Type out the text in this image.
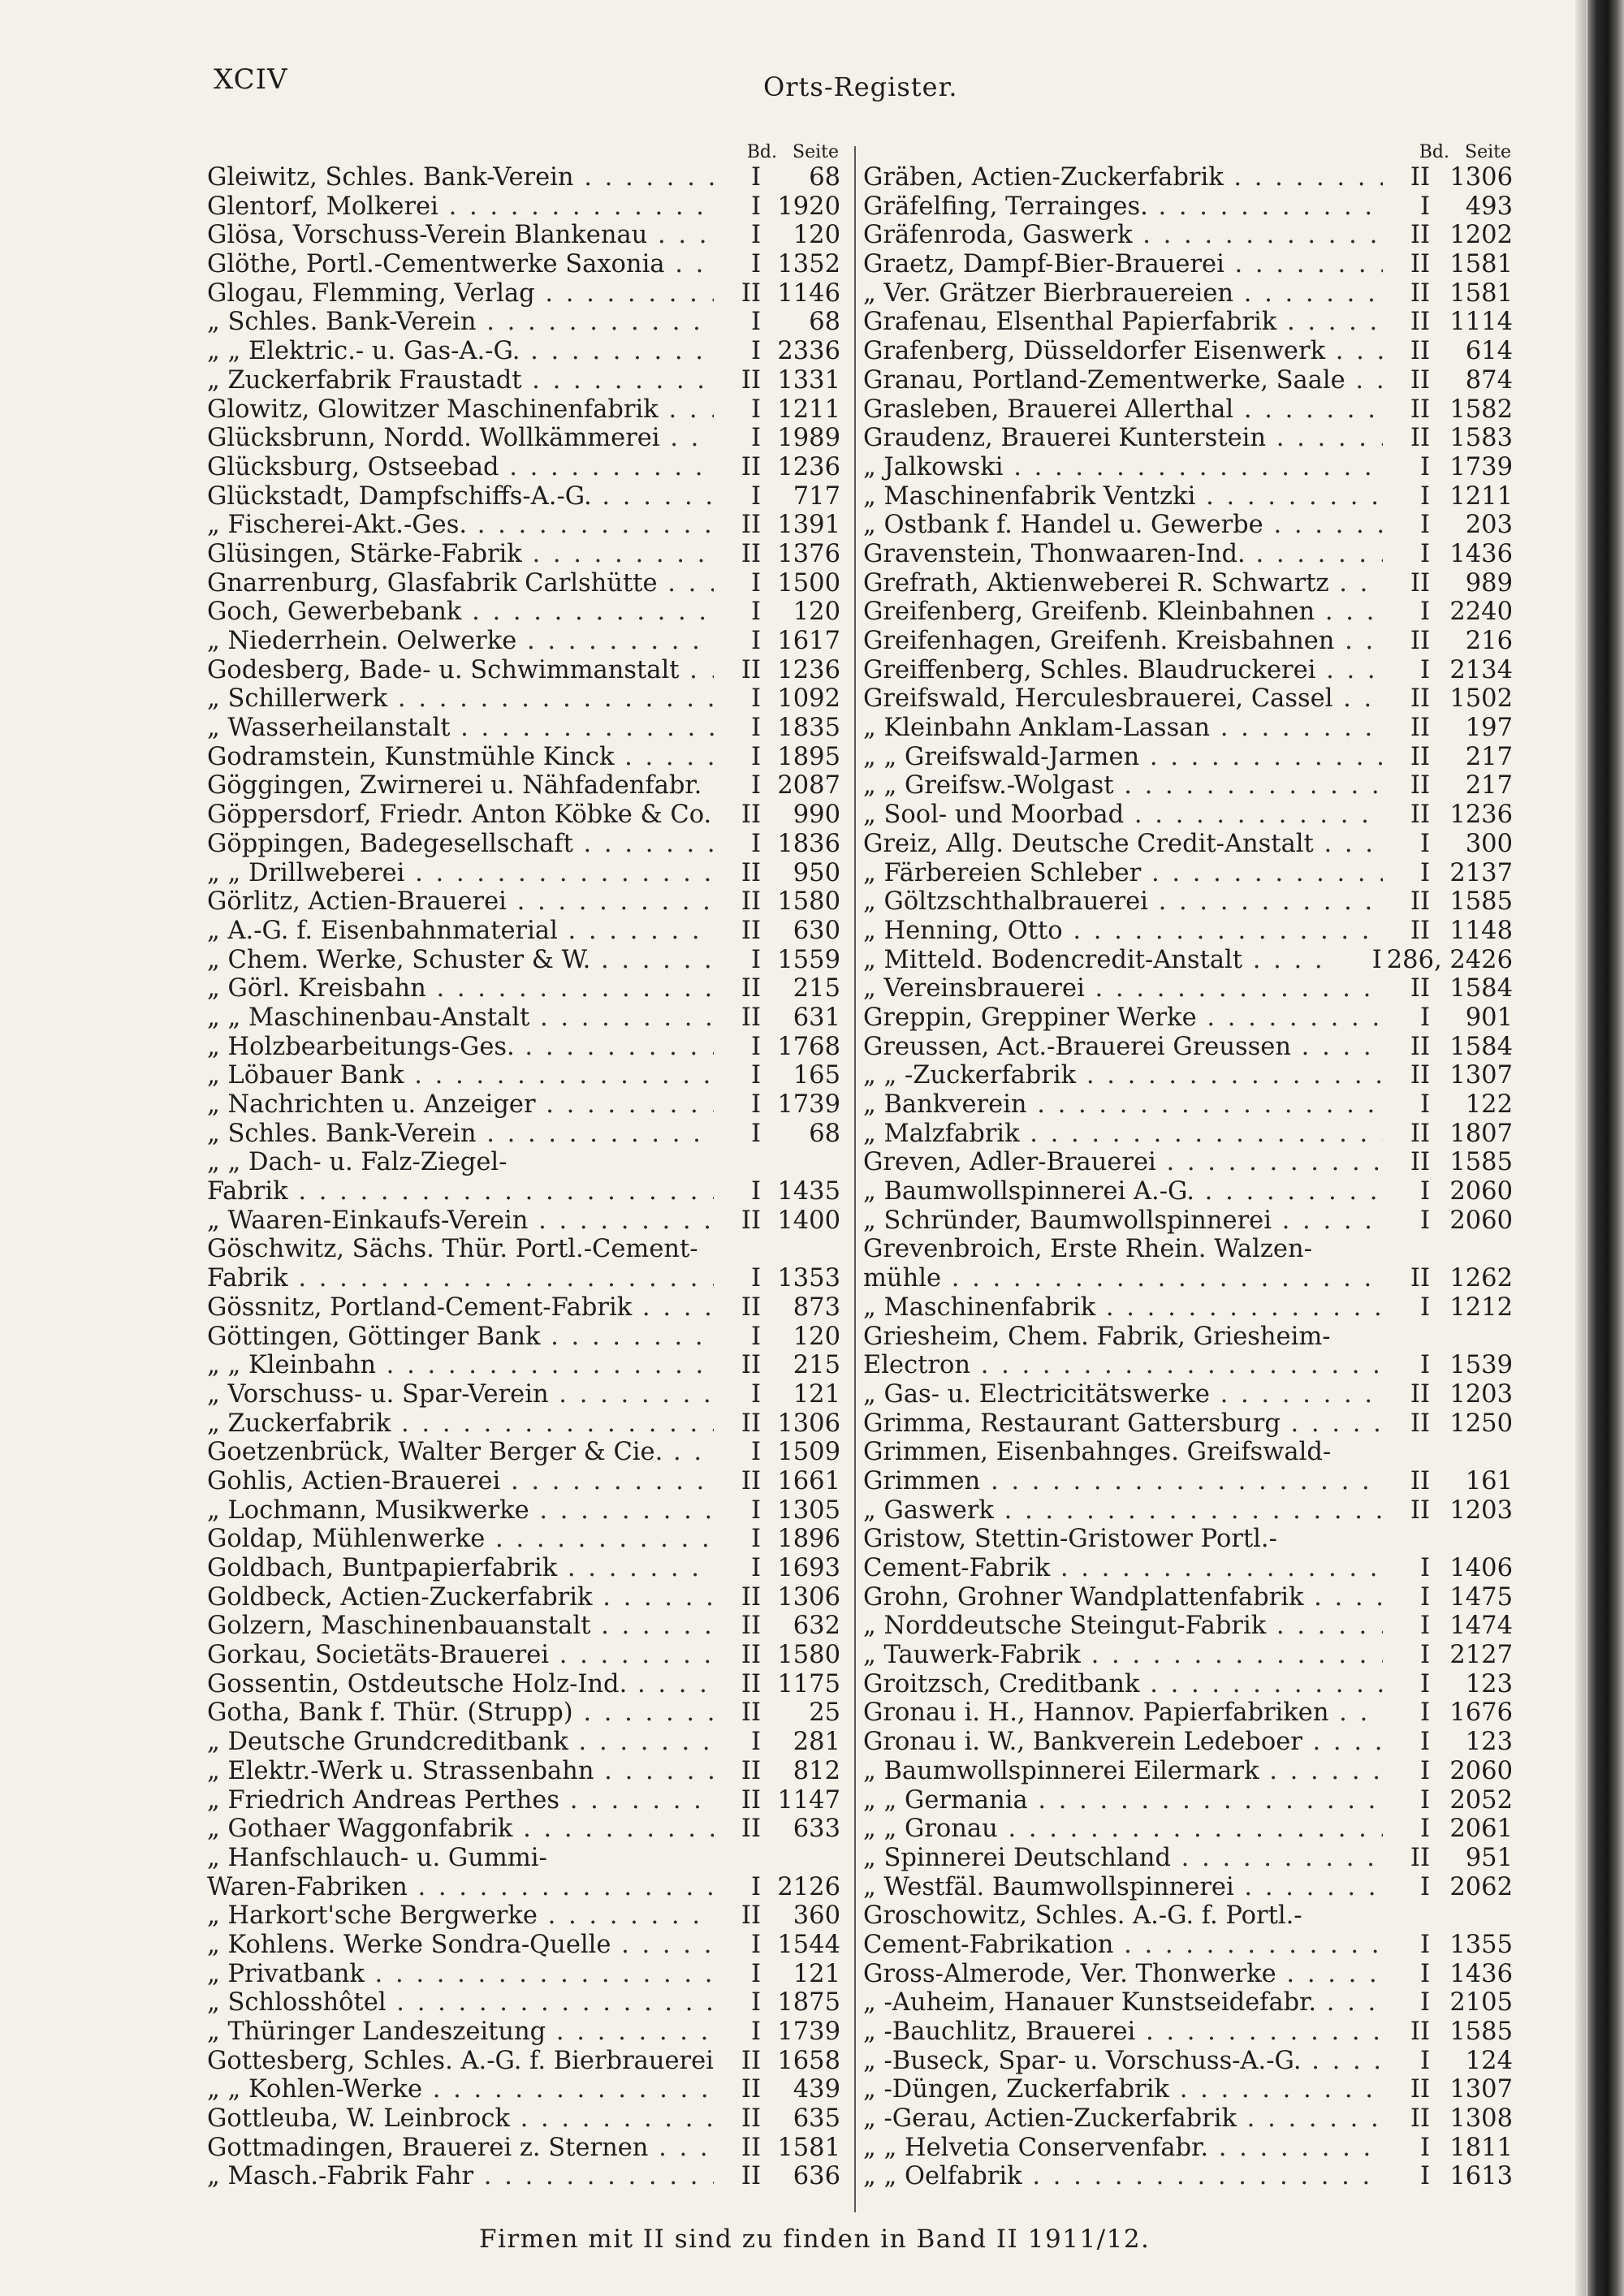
XCIV	Orts-Register.
Bd. Seite
Gleiwitz, Schles. Bank-Verein . . .	I	68
Glentorf, Molkerei . . .	I 1920
Glösa, Vorschuss-Verein Blankenau . . .	I	120
Glöthe, Portl.-Cementwerke Saxonia . . .	I 1352
Glogau, Flemming, Verlag . . .	II 1146
„ Schles. Bank-Verein . . .	I	68
„ „ Elektric.- u. Gas-A.-G. . . .	I 2336
„ Zuckerfabrik Fraustadt . . .	II 1331
Glowitz, Glowitzer Maschinenfabrik . . .	I 1211
Glücksbrunn, Nordd. Wollkämmerei . . .	I 1989
Glücksburg, Ostseebad . . .	II 1236
Glückstadt, Dampfschiffs-A.-G. . . .	I	717
„ Fischerei-Akt.-Ges. . . .	II 1391
Glüsingen, Stärke-Fabrik . . .	II 1376
Gnarrenburg, Glasfabrik Carlshütte . . .	I 1500
Goch, Gewerbebank . . .	I	120
„ Niederrhein. Oelwerke . . .	I 1617
Godesberg, Bade- u. Schwimmanstalt . . .	II 1236
„ Schillerwerk . . .	I 1092
„ Wasserheilanstalt . . .	I 1835
Godramstein, Kunstmühle Kinck . . .	I 1895
Göggingen, Zwirnerei u. Nähfadenfabr. . . .	I 2087
Göppersdorf, Friedr. Anton Köbke & Co. . . .	II	990
Göppingen, Badegesellschaft . . .	I 1836
„ „ Drillweberei . . .	II	950
Görlitz, Actien-Brauerei . . .	II 1580
„ A.-G. f. Eisenbahnmaterial . . .	II	630
„ Chem. Werke, Schuster & W. . . .	I 1559
„ Görl. Kreisbahn . . .	II	215
„ „ Maschinenbau-Anstalt . . .	II	631
„ Holzbearbeitungs-Ges. . . .	I 1768
„ Löbauer Bank . . .	I	165
„ Nachrichten u. Anzeiger . . .	I 1739
„ Schles. Bank-Verein . . .	I	68
„ „ Dach- u. Falz-Ziegel-
Fabrik . . .	I 1435
„ Waaren-Einkaufs-Verein . . .	II 1400
Göschwitz, Sächs. Thür. Portl.-Cement-
Fabrik . . .	I 1353
Gössnitz, Portland-Cement-Fabrik . . .	II	873
Göttingen, Göttinger Bank . . .	I	120
„ „ Kleinbahn . . .	II	215
„ Vorschuss- u. Spar-Verein . . .	I	121
„ Zuckerfabrik . . .	II 1306
Goetzenbrück, Walter Berger & Cie. . . .	I 1509
Gohlis, Actien-Brauerei . . .	II 1661
„ Lochmann, Musikwerke . . .	I 1305
Goldap, Mühlenwerke . . .	I 1896
Goldbach, Buntpapierfabrik . . .	I 1693
Goldbeck, Actien-Zuckerfabrik . . .	II 1306
Golzern, Maschinenbauanstalt . . .	II	632
Gorkau, Societäts-Brauerei . . .	II 1580
Gossentin, Ostdeutsche Holz-Ind. . . .	II 1175
Gotha, Bank f. Thür. (Strupp) . . .	II	25
„ Deutsche Grundcreditbank . . .	I	281
„ Elektr.-Werk u. Strassenbahn . . .	II	812
„ Friedrich Andreas Perthes . . .	II 1147
„ Gothaer Waggonfabrik . . .	II	633
„ Hanfschlauch- u. Gummi-
Waren-Fabriken . . .	I 2126
„ Harkort'sche Bergwerke . . .	II	360
„ Kohlens. Werke Sondra-Quelle . . .	I 1544
„ Privatbank . . .	I	121
„ Schlosshôtel . . .	I 1875
„ Thüringer Landeszeitung . . .	I 1739
Gottesberg, Schles. A.-G. f. Bierbrauerei . . .	II 1658
„ „ Kohlen-Werke . . .	II	439
Gottleuba, W. Leinbrock . . .	II	635
Gottmadingen, Brauerei z. Sternen . . .	II 1581
„ Masch.-Fabrik Fahr . . .	II	636
Bd. Seite
Gräben, Actien-Zuckerfabrik . . .	II 1306
Gräfelfing, Terrainges. . . .	I	493
Gräfenroda, Gaswerk . . .	II 1202
Graetz, Dampf-Bier-Brauerei . . .	II 1581
„ Ver. Grätzer Bierbrauereien . . .	II 1581
Grafenau, Elsenthal Papierfabrik . . .	II 1114
Grafenberg, Düsseldorfer Eisenwerk . . .	II	614
Granau, Portland-Zementwerke, Saale . . .	II	874
Grasleben, Brauerei Allerthal . . .	II 1582
Graudenz, Brauerei Kunterstein . . .	II 1583
„ Jalkowski . . .	I 1739
„ Maschinenfabrik Ventzki . . .	I 1211
„ Ostbank f. Handel u. Gewerbe . . .	I	203
Gravenstein, Thonwaaren-Ind. . . .	I 1436
Grefrath, Aktienweberei R. Schwartz . . .	II	989
Greifenberg, Greifenb. Kleinbahnen . . .	I 2240
Greifenhagen, Greifenh. Kreisbahnen . . .	II	216
Greiffenberg, Schles. Blaudruckerei . . .	I 2134
Greifswald, Herculesbrauerei, Cassel . . .	II 1502
„ Kleinbahn Anklam-Lassan . . .	II	197
„ „ Greifswald-Jarmen . . .	II	217
„ „ Greifsw.-Wolgast . . .	II	217
„ Sool- und Moorbad . . .	II 1236
Greiz, Allg. Deutsche Credit-Anstalt . . .	I	300
„ Färbereien Schleber . . .	I 2137
„ Göltzschthalbrauerei . . .	II 1585
„ Henning, Otto . . .	II 1148
„ Mitteld. Bodencredit-Anstalt . . .	I 286, 2426
„ Vereinsbrauerei . . .	II 1584
Greppin, Greppiner Werke . . .	I	901
Greussen, Act.-Brauerei Greussen . . .	II 1584
„ „ -Zuckerfabrik . . .	II 1307
„ Bankverein . . .	I	122
„ Malzfabrik . . .	II 1807
Greven, Adler-Brauerei . . .	II 1585
„ Baumwollspinnerei A.-G. . . .	I 2060
„ Schründer, Baumwollspinnerei . . .	I 2060
Grevenbroich, Erste Rhein. Walzen-
mühle . . .	II 1262
„ Maschinenfabrik . . .	I 1212
Griesheim, Chem. Fabrik, Griesheim-
Electron . . .	I 1539
„ Gas- u. Electricitätswerke . . .	II 1203
Grimma, Restaurant Gattersburg . . .	II 1250
Grimmen, Eisenbahnges. Greifswald-
Grimmen . . .	II	161
„ Gaswerk . . .	II 1203
Gristow, Stettin-Gristower Portl.-
Cement-Fabrik . . .	I 1406
Grohn, Grohner Wandplattenfabrik . . .	I 1475
„ Norddeutsche Steingut-Fabrik . . .	I 1474
„ Tauwerk-Fabrik . . .	I 2127
Groitzsch, Creditbank . . .	I	123
Gronau i. H., Hannov. Papierfabriken . . .	I 1676
Gronau i. W., Bankverein Ledeboer . . .	I	123
„ Baumwollspinnerei Eilermark . . .	I 2060
„ „ Germania . . .	I 2052
„ „ Gronau . . .	I 2061
„ Spinnerei Deutschland . . .	II	951
„ Westfäl. Baumwollspinnerei . . .	I 2062
Groschowitz, Schles. A.-G. f. Portl.-
Cement-Fabrikation . . .	I 1355
Gross-Almerode, Ver. Thonwerke . . .	I 1436
„ -Auheim, Hanauer Kunstseidefabr. . . .	I 2105
„ -Bauchlitz, Brauerei . . .	II 1585
„ -Buseck, Spar- u. Vorschuss-A.-G. . . .	I	124
„ -Düngen, Zuckerfabrik . . .	II 1307
„ -Gerau, Actien-Zuckerfabrik . . .	II 1308
„ „ Helvetia Conservenfabr. . . .	I 1811
„ „ Oelfabrik . . .	I 1613
Firmen mit II sind zu finden in Band II 1911/12.
